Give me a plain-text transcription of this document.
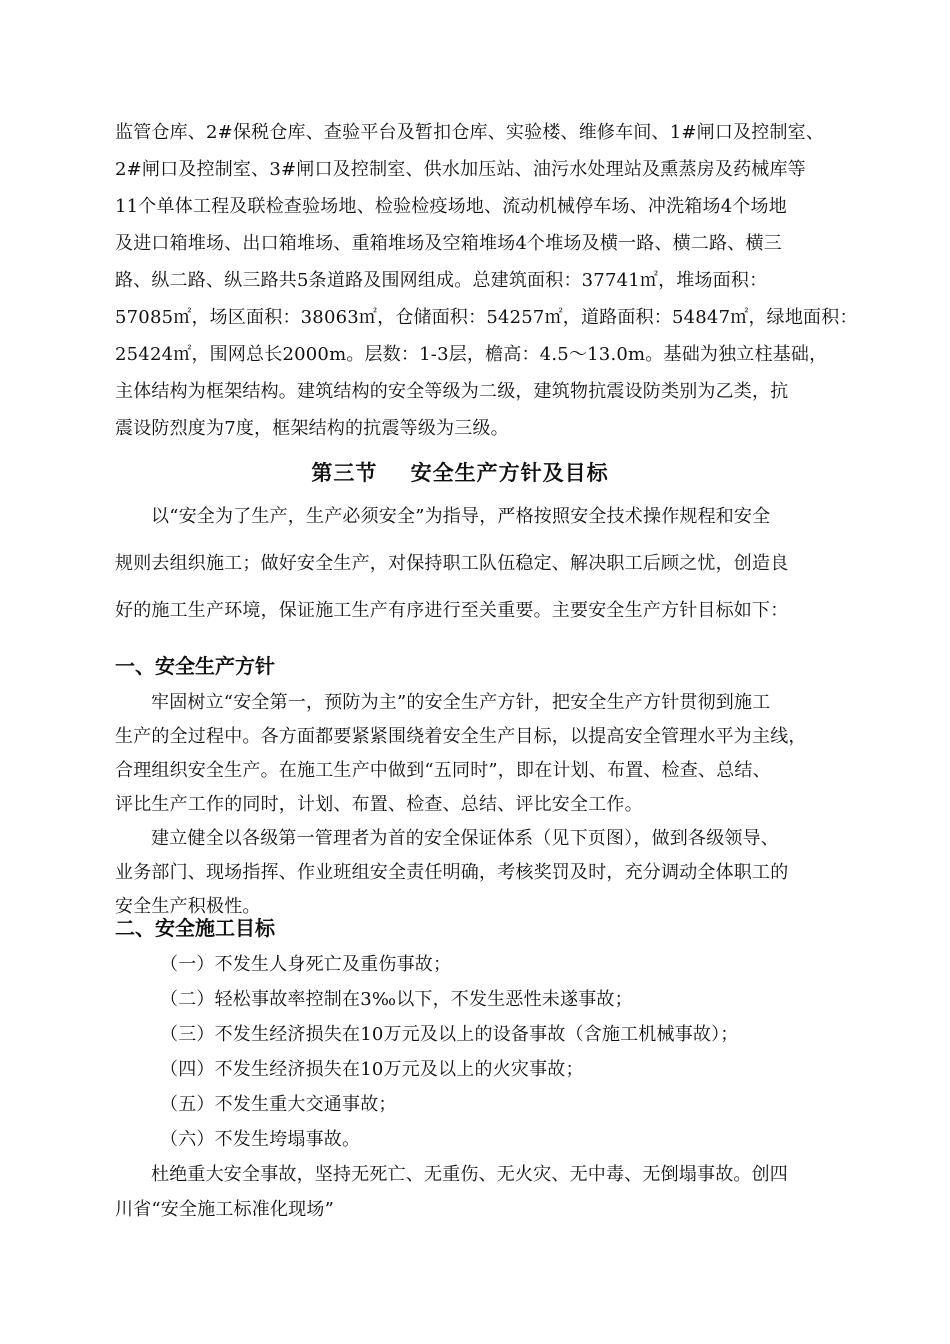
监管仓库、2#保税仓库、查验平台及暂扣仓库、实验楼、维修车间、1#闸口及控制室、
2#闸口及控制室、3#闸口及控制室、供水加压站、油污水处理站及熏蒸房及药械库等
11个单体工程及联检查验场地、检验检疫场地、流动机械停车场、冲洗箱场4个场地
及进口箱堆场、出口箱堆场、重箱堆场及空箱堆场4个堆场及横一路、横二路、横三
路、纵二路、纵三路共5条道路及围网组成。总建筑面积：37741㎡，堆场面积：
57085㎡，场区面积：38063㎡，仓储面积：54257㎡，道路面积：54847㎡，绿地面积：
25424㎡，围网总长2000m。层数：1-3层，檐高：4.5～13.0m。基础为独立柱基础，
主体结构为框架结构。建筑结构的安全等级为二级，建筑物抗震设防类别为乙类，抗
震设防烈度为7度，框架结构的抗震等级为三级。
第三节    安全生产方针及目标
以“安全为了生产，生产必须安全”为指导，严格按照安全技术操作规程和安全
规则去组织施工；做好安全生产，对保持职工队伍稳定、解决职工后顾之忧，创造良
好的施工生产环境，保证施工生产有序进行至关重要。主要安全生产方针目标如下：
一、安全生产方针
牢固树立“安全第一，预防为主”的安全生产方针，把安全生产方针贯彻到施工
生产的全过程中。各方面都要紧紧围绕着安全生产目标，以提高安全管理水平为主线，
合理组织安全生产。在施工生产中做到“五同时”，即在计划、布置、检查、总结、
评比生产工作的同时，计划、布置、检查、总结、评比安全工作。
建立健全以各级第一管理者为首的安全保证体系（见下页图），做到各级领导、
业务部门、现场指挥、作业班组安全责任明确，考核奖罚及时，充分调动全体职工的
安全生产积极性。
二、安全施工目标
（一）不发生人身死亡及重伤事故；
（二）轻松事故率控制在3‰以下，不发生恶性未遂事故；
（三）不发生经济损失在10万元及以上的设备事故（含施工机械事故）；
（四）不发生经济损失在10万元及以上的火灾事故；
（五）不发生重大交通事故；
（六）不发生垮塌事故。
杜绝重大安全事故，坚持无死亡、无重伤、无火灾、无中毒、无倒塌事故。创四
川省“安全施工标准化现场”
